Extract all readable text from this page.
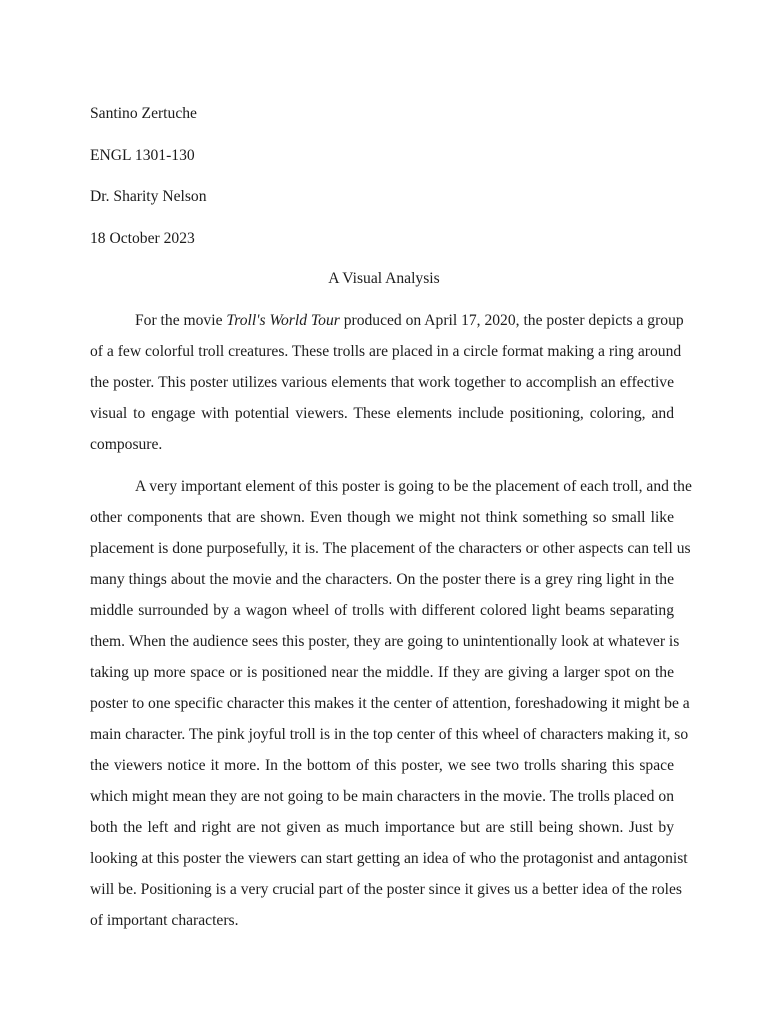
Santino Zertuche
ENGL 1301-130
Dr. Sharity Nelson
18 October 2023
A Visual Analysis
For the movie Troll's World Tour produced on April 17, 2020, the poster depicts a group
of a few colorful troll creatures. These trolls are placed in a circle format making a ring around
the poster. This poster utilizes various elements that work together to accomplish an effective
visual to engage with potential viewers. These elements include positioning, coloring, and
composure.
A very important element of this poster is going to be the placement of each troll, and the
other components that are shown. Even though we might not think something so small like
placement is done purposefully, it is. The placement of the characters or other aspects can tell us
many things about the movie and the characters. On the poster there is a grey ring light in the
middle surrounded by a wagon wheel of trolls with different colored light beams separating
them. When the audience sees this poster, they are going to unintentionally look at whatever is
taking up more space or is positioned near the middle. If they are giving a larger spot on the
poster to one specific character this makes it the center of attention, foreshadowing it might be a
main character. The pink joyful troll is in the top center of this wheel of characters making it, so
the viewers notice it more. In the bottom of this poster, we see two trolls sharing this space
which might mean they are not going to be main characters in the movie. The trolls placed on
both the left and right are not given as much importance but are still being shown. Just by
looking at this poster the viewers can start getting an idea of who the protagonist and antagonist
will be. Positioning is a very crucial part of the poster since it gives us a better idea of the roles
of important characters.
